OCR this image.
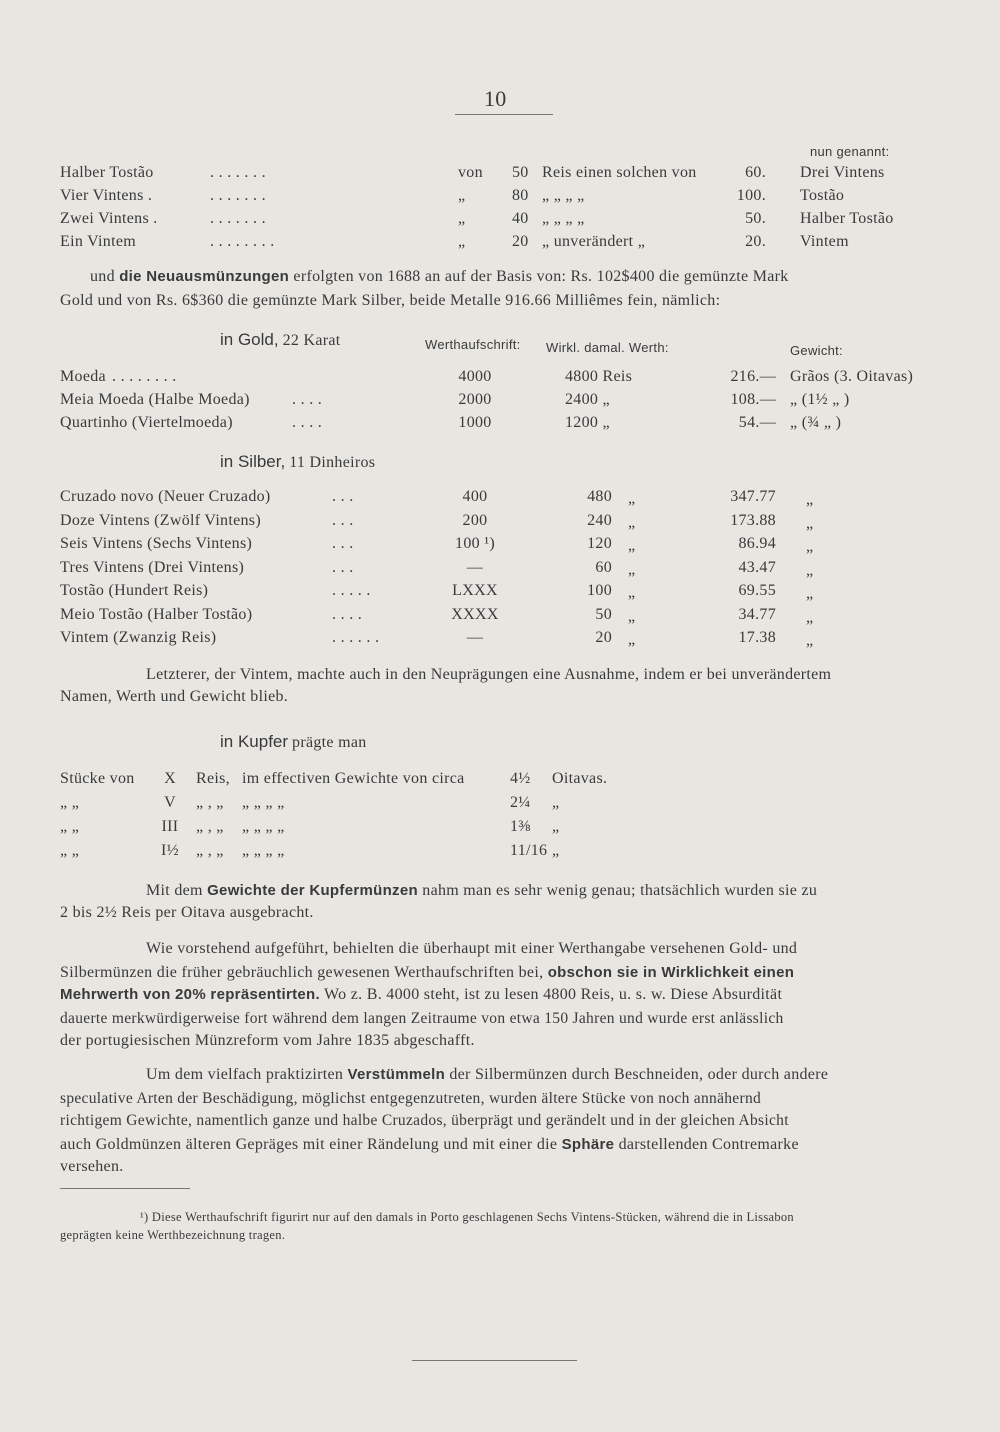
10
nun genannt:
Halber Tostão	. . . . . . .	von 50 Reis einen solchen von	60. Drei Vintens
Vier Vintens .	. . . . . . .	„	80 „ „ „ „	100. Tostão
Zwei Vintens .	. . . . . . .	„	40 „ „ „ „	50. Halber Tostão
Ein Vintem	. . . . . . . .	„	20 „ unverändert „	20. Vintem
und die Neuausmünzungen erfolgten von 1688 an auf der Basis von: Rs. 102$400 die gemünzte Mark
Gold und von Rs. 6$360 die gemünzte Mark Silber, beide Metalle 916.66 Milliêmes fein, nämlich:
in Gold, 22 Karat	Werthaufschrift: Wirkl. damal. Werth:	Gewicht:
Moeda . . . . . . . .	4000	4800 Reis	216.— Grãos (3. Oitavas)
Meia Moeda (Halbe Moeda)	. . . .	2000	2400 „	108.— „ (1½ „ )
Quartinho (Viertelmoeda)	. . . .	1000	1200 „	54.— „ (¾ „ )
in Silber, 11 Dinheiros
Cruzado novo (Neuer Cruzado)	. . .	400	480 „	347.77 „
Doze Vintens (Zwölf Vintens)	. . .	200	240 „	173.88 „
Seis Vintens (Sechs Vintens)	. . .	100 ¹)	120 „	86.94 „
Tres Vintens (Drei Vintens)	. . .	—	60 „	43.47 „
Tostão (Hundert Reis)	. . . . .	LXXX	100 „	69.55 „
Meio Tostão (Halber Tostão)	. . . .	XXXX	50 „	34.77 „
Vintem (Zwanzig Reis)	. . . . . .	—	20 „	17.38 „
Letzterer, der Vintem, machte auch in den Neuprägungen eine Ausnahme, indem er bei unverändertem
Namen, Werth und Gewicht blieb.
in Kupfer prägte man
Stücke von	X	Reis, im effectiven Gewichte von circa	4½ Oitavas.
„ „	V	„ , „ „ „ „ „	2¼ „
„ „	III	„ , „ „ „ „ „	1⅜ „
„ „	I½	„ , „ „ „ „ „	11/16 „
Mit dem Gewichte der Kupfermünzen nahm man es sehr wenig genau; thatsächlich wurden sie zu
2 bis 2½ Reis per Oitava ausgebracht.
Wie vorstehend aufgeführt, behielten die überhaupt mit einer Werthangabe versehenen Gold- und
Silbermünzen die früher gebräuchlich gewesenen Werthaufschriften bei, obschon sie in Wirklichkeit einen
Mehrwerth von 20% repräsentirten. Wo z. B. 4000 steht, ist zu lesen 4800 Reis, u. s. w. Diese Absurdität
dauerte merkwürdigerweise fort während dem langen Zeitraume von etwa 150 Jahren und wurde erst anlässlich
der portugiesischen Münzreform vom Jahre 1835 abgeschafft.
Um dem vielfach praktizirten Verstümmeln der Silbermünzen durch Beschneiden, oder durch andere
speculative Arten der Beschädigung, möglichst entgegenzutreten, wurden ältere Stücke von noch annähernd
richtigem Gewichte, namentlich ganze und halbe Cruzados, überprägt und gerändelt und in der gleichen Absicht
auch Goldmünzen älteren Gepräges mit einer Rändelung und mit einer die Sphäre darstellenden Contremarke
versehen.
¹) Diese Werthaufschrift figurirt nur auf den damals in Porto geschlagenen Sechs Vintens-Stücken, während die in Lissabon
geprägten keine Werthbezeichnung tragen.
